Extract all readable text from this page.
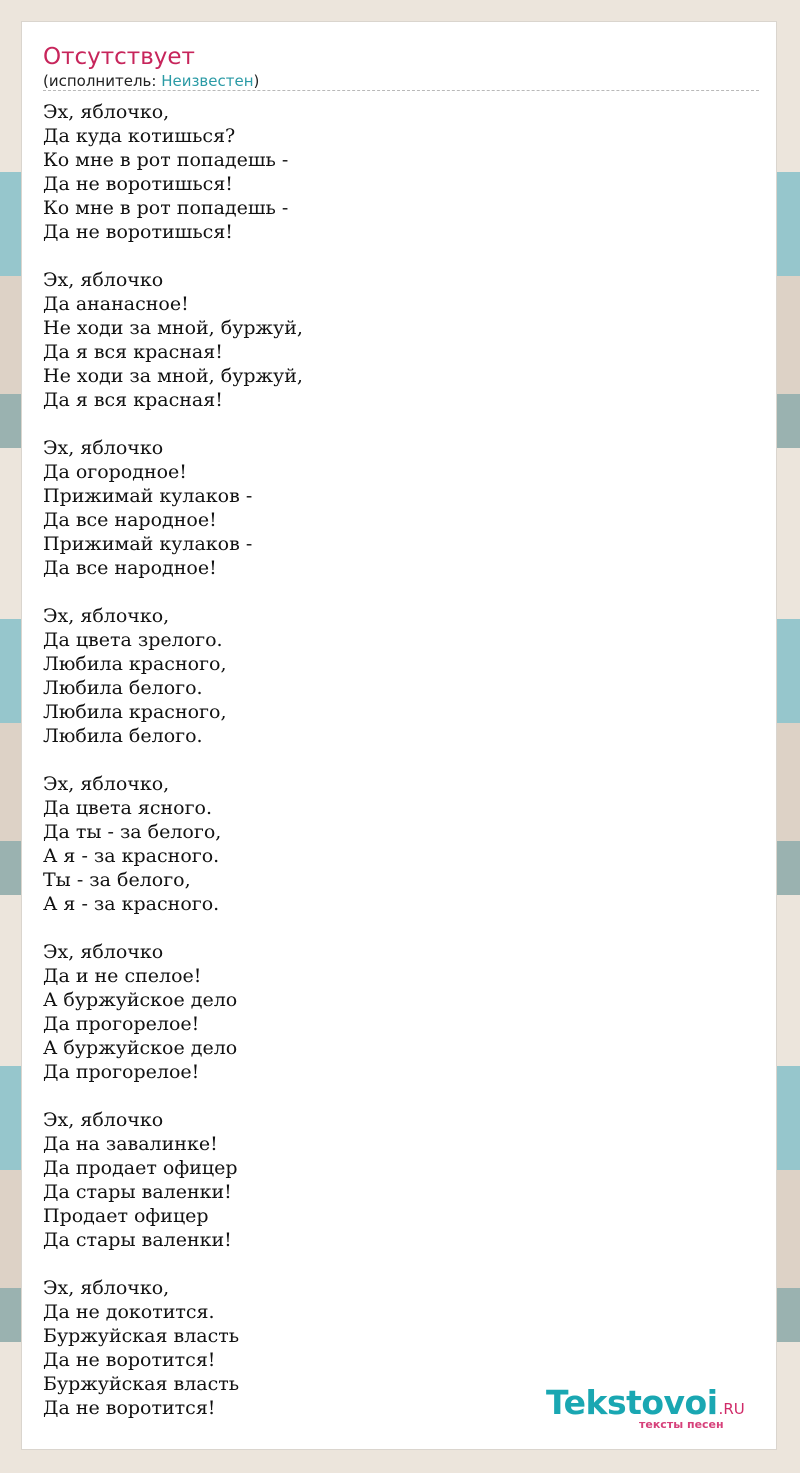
Отсутствует
(исполнитель: Неизвестен)
Эх, яблочко,
Да куда котишься?
Ко мне в рот попадешь -
Да не воротишься!
Ко мне в рот попадешь -
Да не воротишься!

Эх, яблочко
Да ананасное!
Не ходи за мной, буржуй,
Да я вся красная!
Не ходи за мной, буржуй,
Да я вся красная!

Эх, яблочко
Да огородное!
Прижимай кулаков -
Да все народное!
Прижимай кулаков -
Да все народное!

Эх, яблочко,
Да цвета зрелого.
Любила красного,
Любила белого.
Любила красного,
Любила белого.

Эх, яблочко,
Да цвета ясного.
Да ты - за белого,
А я - за красного.
Ты - за белого,
А я - за красного.

Эх, яблочко
Да и не спелое!
А буржуйское дело
Да прогорелое!
А буржуйское дело
Да прогорелое!

Эх, яблочко
Да на завалинке!
Да продает офицер
Да стары валенки!
Продает офицер
Да стары валенки!

Эх, яблочко,
Да не докотится.
Буржуйская власть
Да не воротится!
Буржуйская власть
Да не воротится!	Tekstovoi.RU
тексты песен
